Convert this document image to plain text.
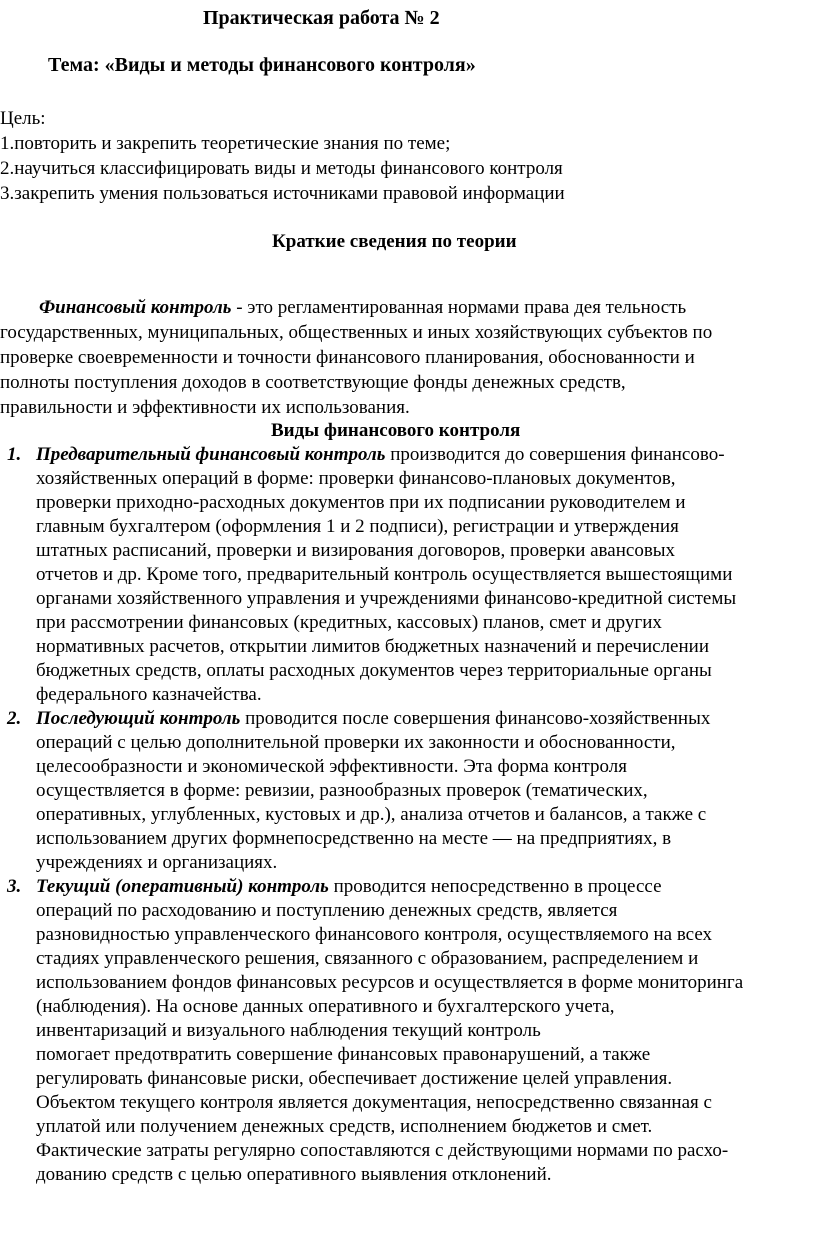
Практическая работа № 2
Тема: «Виды и методы финансового контроля»
Цель:
1.повторить и закрепить теоретические знания по теме;
2.научиться классифицировать виды и методы финансового контроля
3.закрепить умения пользоваться источниками правовой информации
Краткие сведения по теории
Финансовый контроль - это регламентированная нормами права дея тельность
государственных, муниципальных, общественных и иных хозяйствующих субъектов по
проверке своевременности и точности финансового планирования, обоснованности и
полноты поступления доходов в соответствующие фонды денежных средств,
правильности и эффективности их использования.
Виды финансового контроля
1. Предварительный финансовый контроль производится до совершения финансово-
хозяйственных операций в форме: проверки финансово-плановых документов,
проверки приходно-расходных документов при их подписании руководителем и
главным бухгалтером (оформления 1 и 2 подписи), регистрации и утверждения
штатных расписаний, проверки и визирования договоров, проверки авансовых
отчетов и др. Кроме того, предварительный контроль осуществляется вышестоящими
органами хозяйственного управления и учреждениями финансово-кредитной системы
при рассмотрении финансовых (кредитных, кассовых) планов, смет и других
нормативных расчетов, открытии лимитов бюджетных назначений и перечислении
бюджетных средств, оплаты расходных документов через территориальные органы
федерального казначейства.
2. Последующий контроль проводится после совершения финансово-хозяйственных
операций с целью дополнительной проверки их законности и обоснованности,
целесообразности и экономической эффективности. Эта форма контроля
осуществляется в форме: ревизии, разнообразных проверок (тематических,
оперативных, углубленных, кустовых и др.), анализа отчетов и балансов, а также с
использованием других формнепосредственно на месте — на предприятиях, в
учреждениях и организациях.
3. Текущий (оперативный) контроль проводится непосредственно в процессе
операций по расходованию и поступлению денежных средств, является
разновидностью управленческого финансового контроля, осуществляемого на всех
стадиях управленческого решения, связанного с образованием, распределением и
использованием фондов финансовых ресурсов и осуществляется в форме мониторинга
(наблюдения). На основе данных оперативного и бухгалтерского учета,
инвентаризаций и визуального наблюдения текущий контроль
помогает предотвратить совершение финансовых правонарушений, а также
регулировать финансовые риски, обеспечивает достижение целей управления.
Объектом текущего контроля является документация, непосредственно связанная с
уплатой или получением денежных средств, исполнением бюджетов и смет.
Фактические затраты регулярно сопоставляются с действующими нормами по расхо-
дованию средств с целью оперативного выявления отклонений.
